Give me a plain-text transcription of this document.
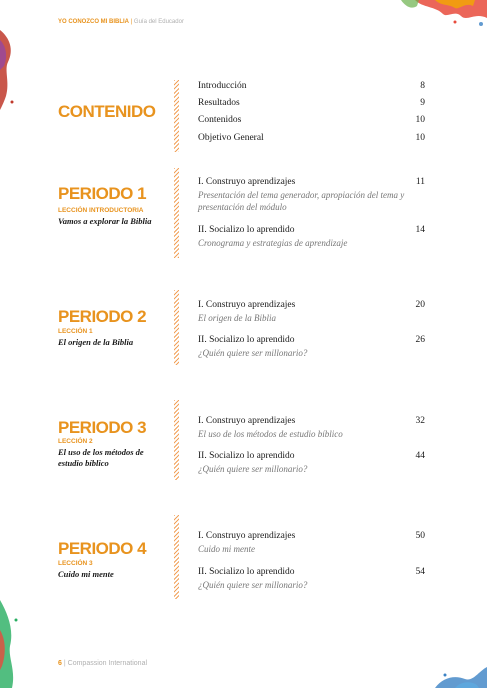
YO CONOZCO MI BIBLIA | Guía del Educador
CONTENIDO
Introducción	8
Resultados	9
Contenidos	10
Objetivo General	10
PERIODO 1
LECCIÓN INTRODUCTORIA
Vamos a explorar la Biblia
I. Construyo aprendizajes	11
Presentación del tema generador, apropiación del tema y presentación del módulo
II. Socializo lo aprendido	14
Cronograma y estrategias de aprendizaje
PERIODO 2
LECCIÓN 1
El origen de la Biblia
I. Construyo aprendizajes	20
El origen de la Biblia
II. Socializo lo aprendido	26
¿Quién quiere ser millonario?
PERIODO 3
LECCIÓN 2
El uso de los métodos de estudio bíblico
I. Construyo aprendizajes	32
El uso de los métodos de estudio bíblico
II. Socializo lo aprendido	44
¿Quién quiere ser millonario?
PERIODO 4
LECCIÓN 3
Cuido mi mente
I. Construyo aprendizajes	50
Cuido mi mente
II. Socializo lo aprendido	54
¿Quién quiere ser millonario?
6 | Compassion International
